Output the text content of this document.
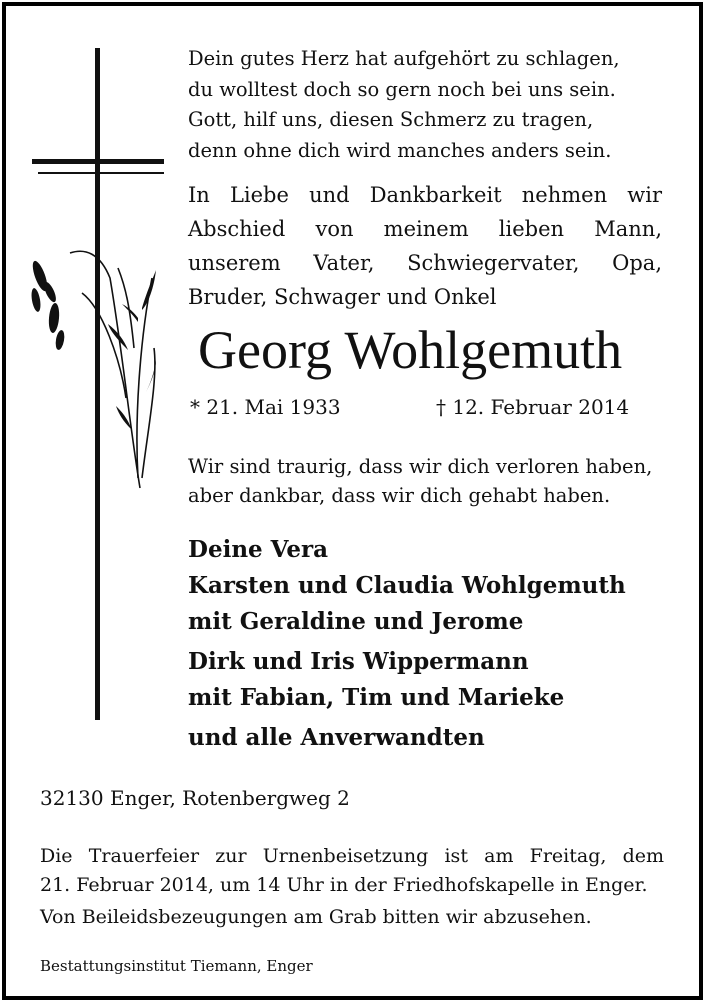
Dein gutes Herz hat aufgehört zu schlagen,
du wolltest doch so gern noch bei uns sein.
Gott, hilf uns, diesen Schmerz zu tragen,
denn ohne dich wird manches anders sein.
In Liebe und Dankbarkeit nehmen wir
Abschied von meinem lieben Mann,
unserem Vater, Schwiegervater, Opa,
Bruder, Schwager und Onkel
Georg Wohlgemuth
* 21. Mai 1933	† 12. Februar 2014
Wir sind traurig, dass wir dich verloren haben,
aber dankbar, dass wir dich gehabt haben.
Deine Vera
Karsten und Claudia Wohlgemuth
mit Geraldine und Jerome
Dirk und Iris Wippermann
mit Fabian, Tim und Marieke
und alle Anverwandten
32130 Enger, Rotenbergweg 2
Die Trauerfeier zur Urnenbeisetzung ist am Freitag, dem
21. Februar 2014, um 14 Uhr in der Friedhofskapelle in Enger.
Von Beileidsbezeugungen am Grab bitten wir abzusehen.
Bestattungsinstitut Tiemann, Enger
